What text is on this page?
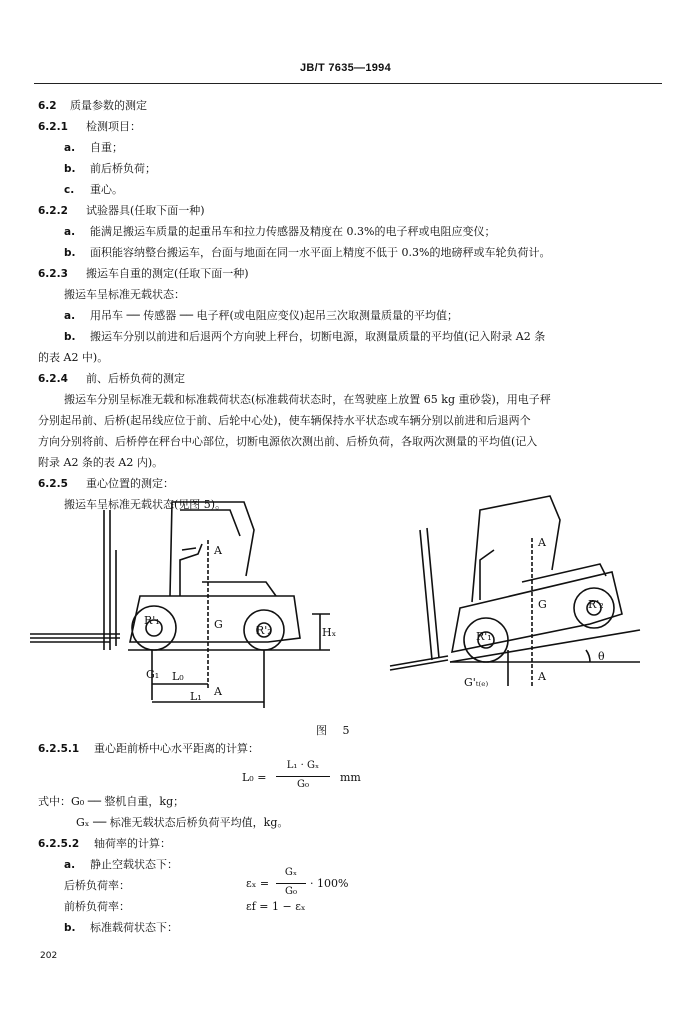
JB/T 7635—1994
6.2 质量参数的测定
6.2.1 检测项目：
a. 自重；
b. 前后桥负荷；
c. 重心。
6.2.2 试验器具(任取下面一种)
a. 能满足搬运车质量的起重吊车和拉力传感器及精度在 0.3%的电子秤或电阻应变仪；
b. 面积能容纳整台搬运车，台面与地面在同一水平面上精度不低于 0.3%的地磅秤或车轮负荷计。
6.2.3 搬运车自重的测定(任取下面一种)
搬运车呈标准无载状态：
a. 用吊车 ── 传感器 ── 电子秤(或电阻应变仪)起吊三次取测量质量的平均值；
b. 搬运车分别以前进和后退两个方向驶上秤台，切断电源，取测量质量的平均值(记入附录 A2 条
的表 A2 中)。
6.2.4 前、后桥负荷的测定
搬运车分别呈标准无载和标准载荷状态(标准载荷状态时，在驾驶座上放置 65 kg 重砂袋)，用电子秤
分别起吊前、后桥(起吊线应位于前、后轮中心处)，使车辆保持水平状态或车辆分别以前进和后退两个
方向分别将前、后桥停在秤台中心部位，切断电源依次测出前、后桥负荷，各取两次测量的平均值(记入
附录 A2 条的表 A2 内)。
6.2.5 重心位置的测定：
搬运车呈标准无载状态(见图 5)。
6.2.5.1 重心距前桥中心水平距离的计算：
式中：G₀ ── 整机自重，kg；
Gₓ ── 标准无载状态后桥负荷平均值，kg。
6.2.5.2 轴荷率的计算：
a. 静止空载状态下：
后桥负荷率：
前桥负荷率：
b. 标准载荷状态下：
A
R'₁	G	R'₂	Hₓ
G₁ L₀
A
L₁
A
R'₁
G	R'₂
θ
G'ₜ₍ₑ₎	A
图 5
L₀ =
L₁ · Gₓ
G₀
mm
εₓ =
Gₓ
G₀
· 100%
εf = 1 − εₓ
202
